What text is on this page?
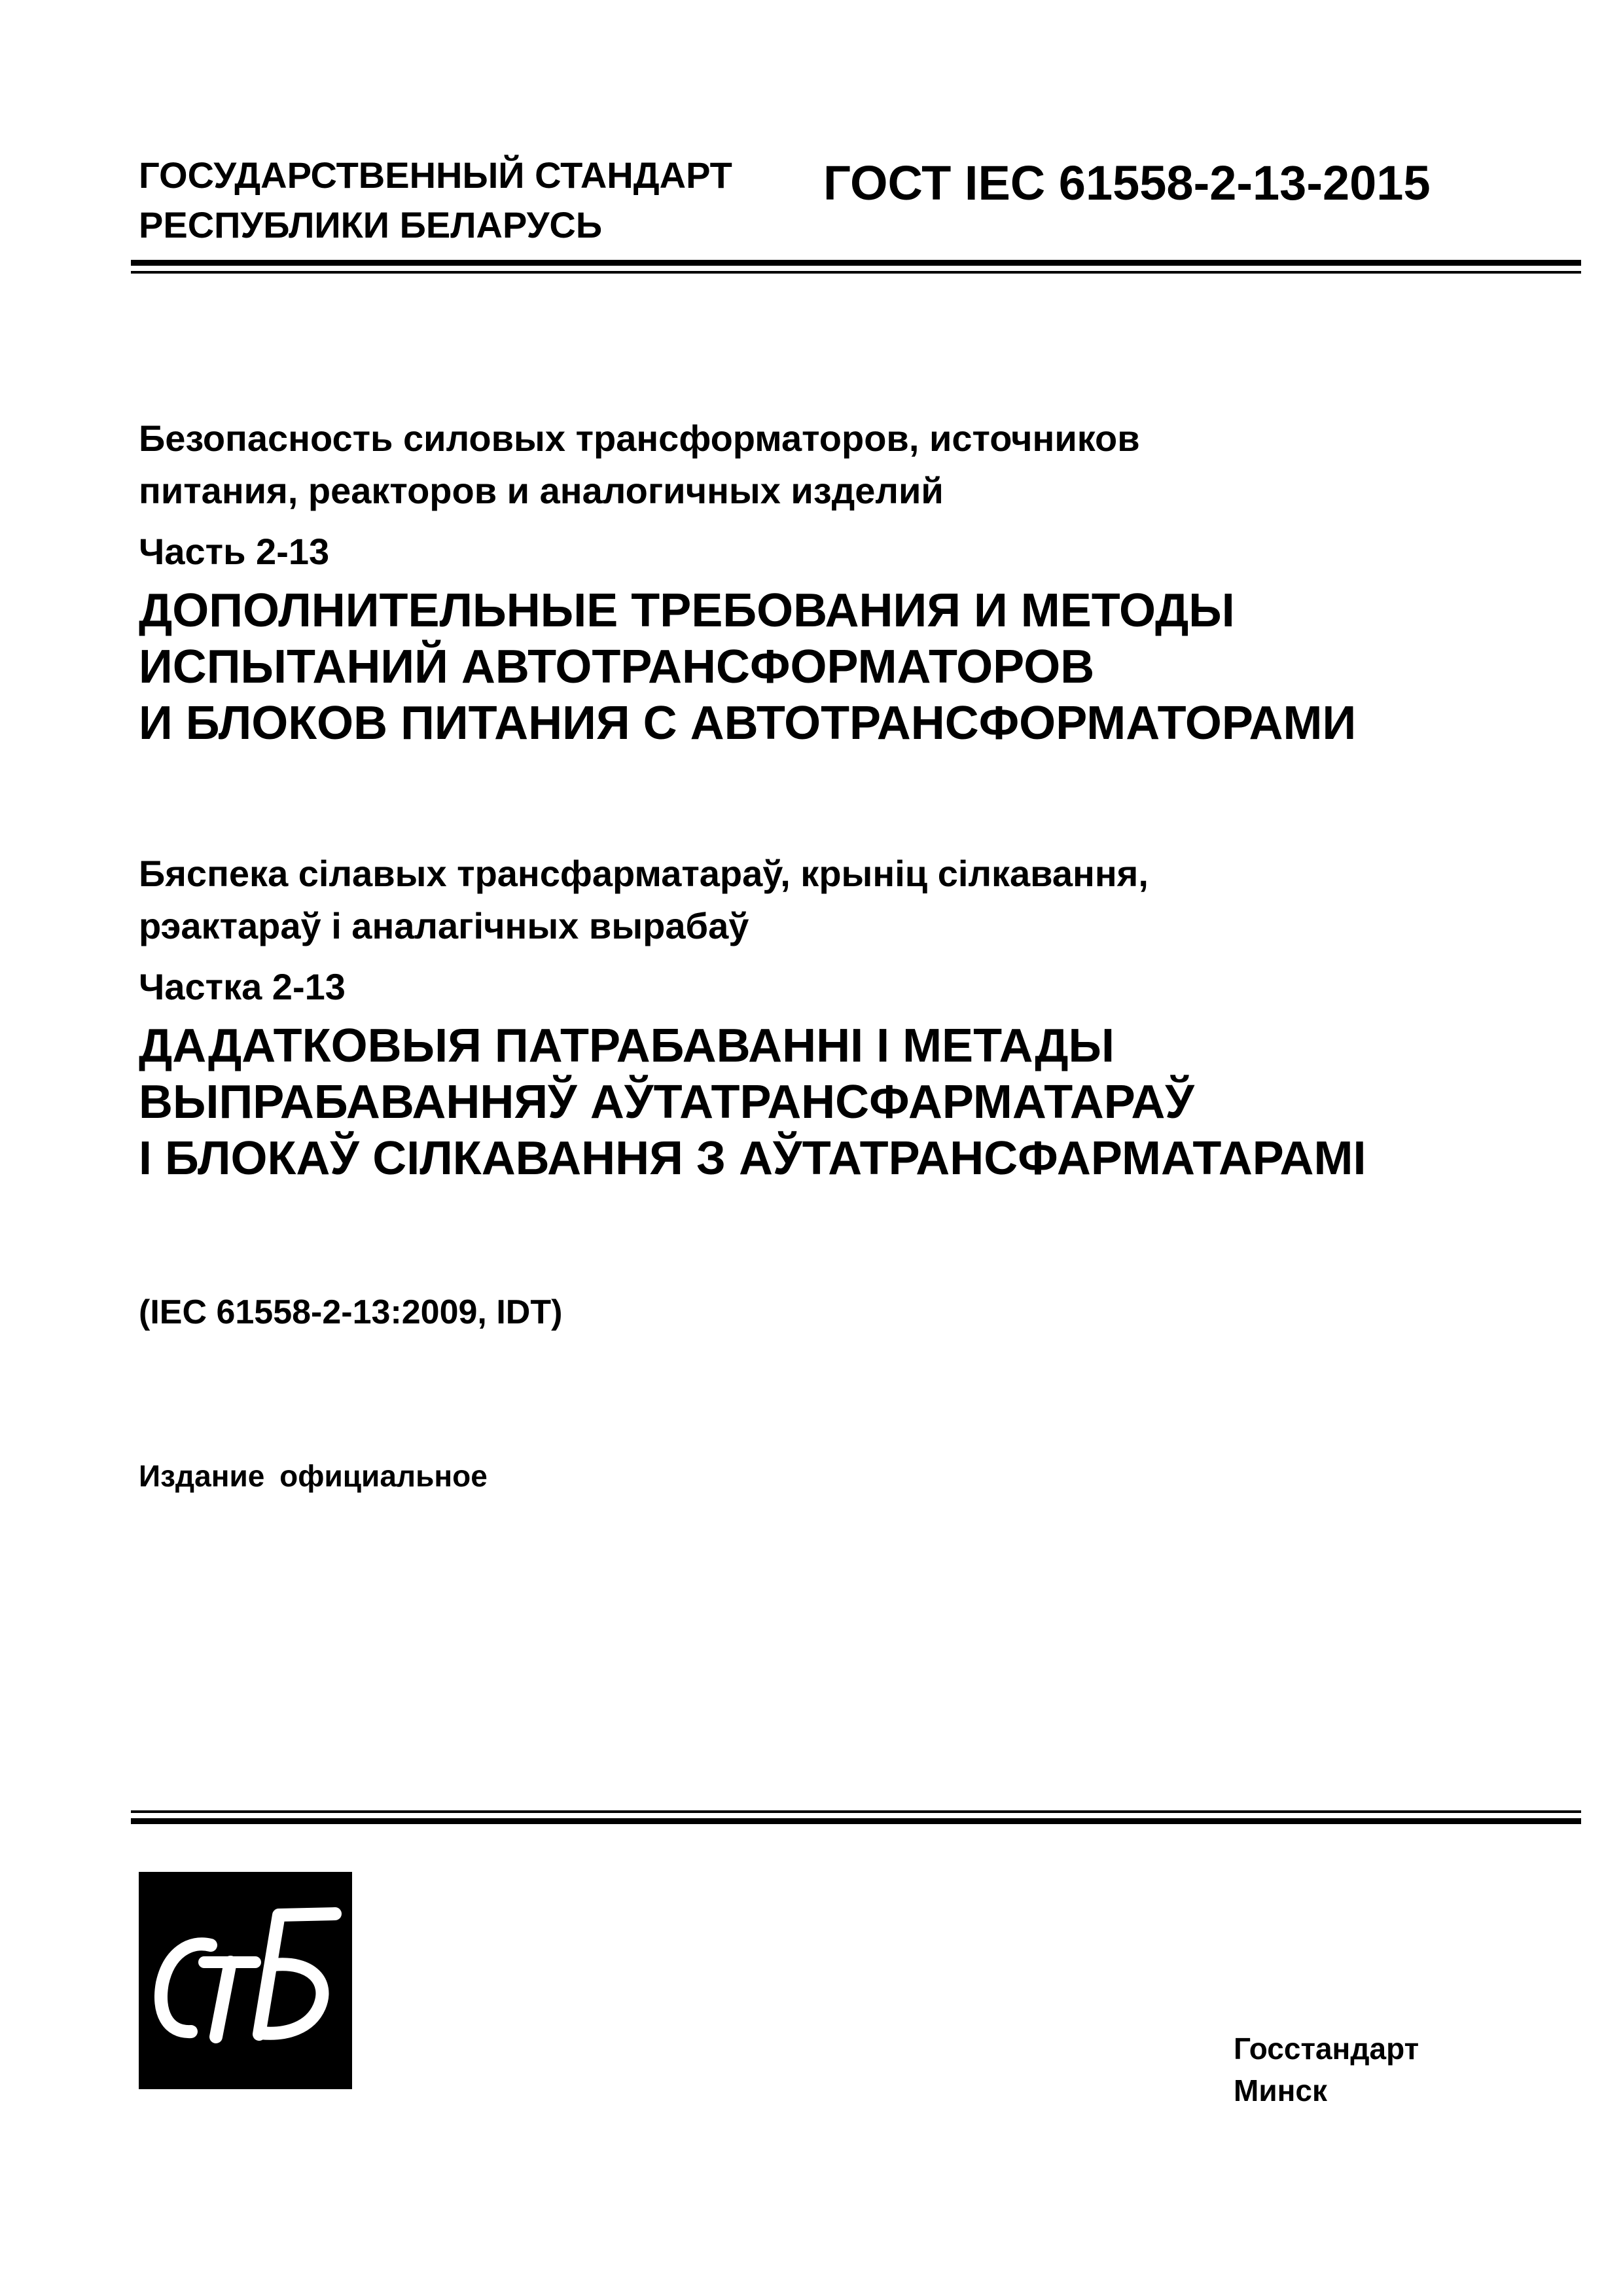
ГОСУДАРСТВЕННЫЙ СТАНДАРТ
РЕСПУБЛИКИ БЕЛАРУСЬ
ГОСТ IEC 61558-2-13-2015
Безопасность силовых трансформаторов, источников
питания, реакторов и аналогичных изделий
Часть 2-13
ДОПОЛНИТЕЛЬНЫЕ ТРЕБОВАНИЯ И МЕТОДЫ
ИСПЫТАНИЙ АВТОТРАНСФОРМАТОРОВ
И БЛОКОВ ПИТАНИЯ С АВТОТРАНСФОРМАТОРАМИ
Бяспека сілавых трансфарматараў, крыніц сілкавання,
рэактараў і аналагічных вырабаў
Частка 2-13
ДАДАТКОВЫЯ ПАТРАБАВАННІ І МЕТАДЫ
ВЫПРАБАВАННЯЎ АЎТАТРАНСФАРМАТАРАЎ
І БЛОКАЎ СІЛКАВАННЯ З АЎТАТРАНСФАРМАТАРАМІ
(IEC 61558-2-13:2009, IDT)
Издание официальное
Госстандарт
Минск
